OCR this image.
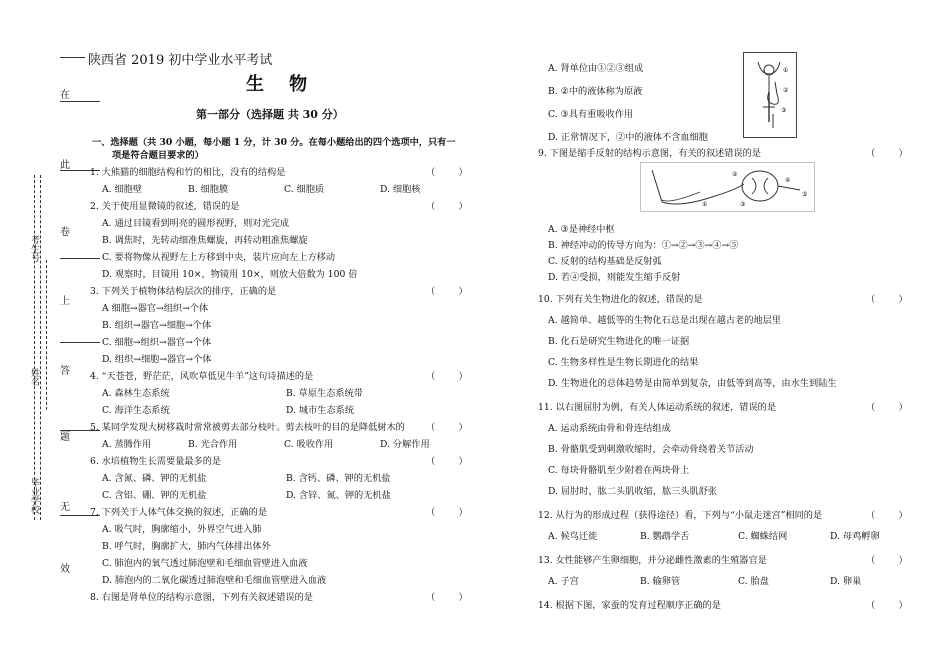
在
此
卷
上
答
题
无
效
考生号
姓名
毕业学校
陕西省 2019 初中学业水平考试
生    物
第一部分（选择题 共 30 分）
一、选择题（共 30 小题，每小题 1 分，计 30 分。在每小题给出的四个选项中，只有一
项是符合题目要求的）
1. 大熊猫的细胞结构和竹的相比，没有的结构是	（        ）
A. 细胞壁	B. 细胞膜	C. 细胞质	D. 细胞核
2. 关于使用显微镜的叙述，错误的是	（        ）
A. 通过目镜看到明亮的圆形视野，则对光完成
B. 调焦时，先转动细准焦螺旋，再转动粗准焦螺旋
C. 要将物像从视野左上方移到中央，装片应向左上方移动
D. 观察时，目镜用 10×，物镜用 10×，则放大倍数为 100 倍
3. 下列关于植物体结构层次的排序，正确的是	（        ）
A 细胞→器官→组织→个体
B. 组织→器官→细胞→个体
C. 细胞→组织→器官→个体
D. 组织→细胞→器官→个体
4. “天苍苍，野茫茫，风吹草低见牛羊”这句诗描述的是	（        ）
A. 森林生态系统	B. 草原生态系统带
C. 海洋生态系统	D. 城市生态系统
5. 某同学发现大树移栽时常常被剪去部分枝叶。剪去枝叶的目的是降低树木的 （        ）
A. 蒸腾作用	B. 光合作用	C. 吸收作用	D. 分解作用
6. 水培植物生长需要量最多的是	（        ）
A. 含氮、磷、钾的无机盐	B. 含钙、磷、钾的无机盐
C. 含铝、硼、钾的无机盐	D. 含锌、氮、钾的无机盐
7. 下列关于人体气体交换的叙述，正确的是	（        ）
A. 吸气时，胸廓缩小，外界空气进入肺
B. 呼气时，胸廓扩大，肺内气体排出体外
C. 肺泡内的氧气透过肺泡壁和毛细血管壁进入血液
D. 肺泡内的二氧化碳透过肺泡壁和毛细血管壁进入血液
8. 右图是肾单位的结构示意图，下列有关叙述错误的是	（        ）
A. 肾单位由①②③组成
B. ②中的液体称为原液
C. ③具有重吸收作用
D. 正常情况下，②中的液体不含血细胞
9. 下图是缩手反射的结构示意图，有关的叙述错误的是	（        ）
A. ③是神经中枢
B. 神经冲动的传导方向为：①→②→③→④→⑤
C. 反射的结构基础是反射弧
D. 若④受损，则能发生缩手反射
10. 下列有关生物进化的叙述，错误的是	（        ）
A. 越简单、越低等的生物化石总是出现在越古老的地层里
B. 化石是研究生物进化的唯一证据
C. 生物多样性是生物长期进化的结果
D. 生物进化的总体趋势是由简单到复杂，由低等到高等，由水生到陆生
11. 以右图屈肘为例，有关人体运动系统的叙述，错误的是	（        ）
A. 运动系统由骨和骨连结组成
B. 骨骼肌受到刺激收缩时，会牵动骨绕着关节活动
C. 每块骨骼肌至少附着在两块骨上
D. 屈肘时，肱二头肌收缩，肱三头肌舒张
12. 从行为的形成过程（获得途径）看，下列与“小鼠走迷宫”相同的是	（        ）
A. 候鸟迁徙	B. 鹦鹉学舌	C. 蜘蛛结网	D. 母鸡孵卵
13. 女性能够产生卵细胞，并分泌雌性激素的生殖器官是	（        ）
A. 子宫	B. 输卵管	C. 胎盘	D. 卵巢
14. 根据下图，家蚕的发育过程顺序正确的是	（        ）
①
②
③
①
②
③
④
⑤
